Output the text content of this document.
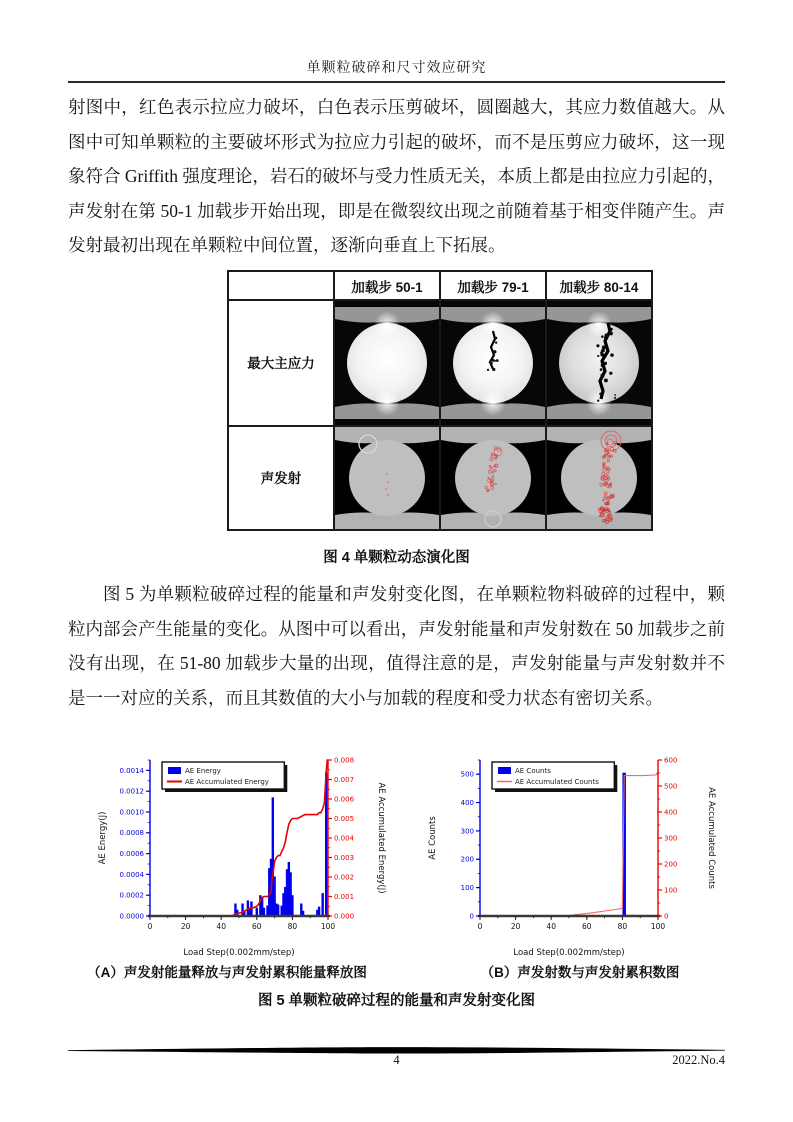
单颗粒破碎和尺寸效应研究
射图中，红色表示拉应力破坏，白色表示压剪破坏，圆圈越大，其应力数值越大。从图中可知单颗粒的主要破坏形式为拉应力引起的破坏，而不是压剪应力破坏，这一现象符合 Griffith 强度理论，岩石的破坏与受力性质无关，本质上都是由拉应力引起的，声发射在第 50-1 加载步开始出现，即是在微裂纹出现之前随着基于相变伴随产生。声发射最初出现在单颗粒中间位置，逐渐向垂直上下拓展。
	加载步 50-1	加载步 79-1	加载步 80-14
最大主应力	

声发射	

图 4 单颗粒动态演化图
图 5 为单颗粒破碎过程的能量和声发射变化图，在单颗粒物料破碎的过程中，颗粒内部会产生能量的变化。从图中可以看出，声发射能量和声发射数在 50 加载步之前没有出现，在 51-80 加载步大量的出现，值得注意的是，声发射能量与声发射数并不是一一对应的关系，而且其数值的大小与加载的程度和受力状态有密切关系。
0	20	40	60	80	100
0.0000
0.0002
0.0004
0.0006
0.0008
0.0010
0.0012
0.0014
0.000
0.001
0.002
0.003
0.004
0.005
0.006
0.007
0.008
AE Energy(J)	AE Accumulated Energy(J)
Load Step(0.002mm/step)
AE Energy
AE Accumulated Energy
0	20	40	60	80	100
0
100
200
300
400
500
0
100
200
300
400
500
600
AE Counts	AE Accumulated Counts
Load Step(0.002mm/step)
AE Counts
AE Accumulated Counts
（A）声发射能量释放与声发射累积能量释放图	（B）声发射数与声发射累积数图
图 5 单颗粒破碎过程的能量和声发射变化图
4	2022.No.4
